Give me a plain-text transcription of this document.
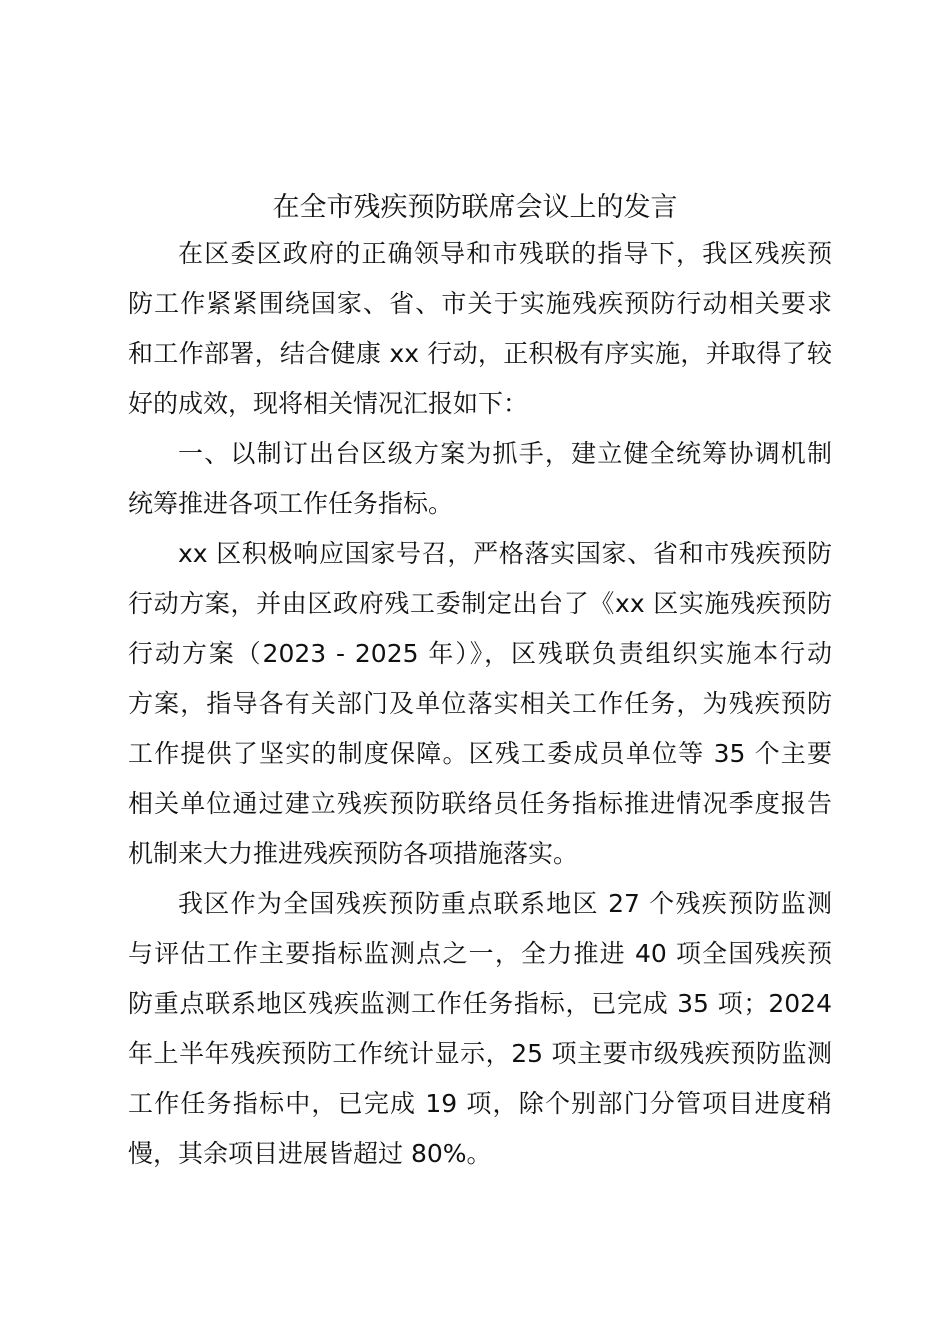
在全市残疾预防联席会议上的发言
在区委区政府的正确领导和市残联的指导下，我区残疾预
防工作紧紧围绕国家、省、市关于实施残疾预防行动相关要求
和工作部署，结合健康 xx 行动，正积极有序实施，并取得了较
好的成效，现将相关情况汇报如下：
一、以制订出台区级方案为抓手，建立健全统筹协调机制
统筹推进各项工作任务指标。
xx 区积极响应国家号召，严格落实国家、省和市残疾预防
行动方案，并由区政府残工委制定出台了《xx 区实施残疾预防
行动方案（2023 - 2025 年）》，区残联负责组织实施本行动
方案，指导各有关部门及单位落实相关工作任务，为残疾预防
工作提供了坚实的制度保障。区残工委成员单位等 35 个主要
相关单位通过建立残疾预防联络员任务指标推进情况季度报告
机制来大力推进残疾预防各项措施落实。
我区作为全国残疾预防重点联系地区 27 个残疾预防监测
与评估工作主要指标监测点之一，全力推进 40 项全国残疾预
防重点联系地区残疾监测工作任务指标，已完成 35 项；2024
年上半年残疾预防工作统计显示，25 项主要市级残疾预防监测
工作任务指标中，已完成 19 项，除个别部门分管项目进度稍
慢，其余项目进展皆超过 80%。
